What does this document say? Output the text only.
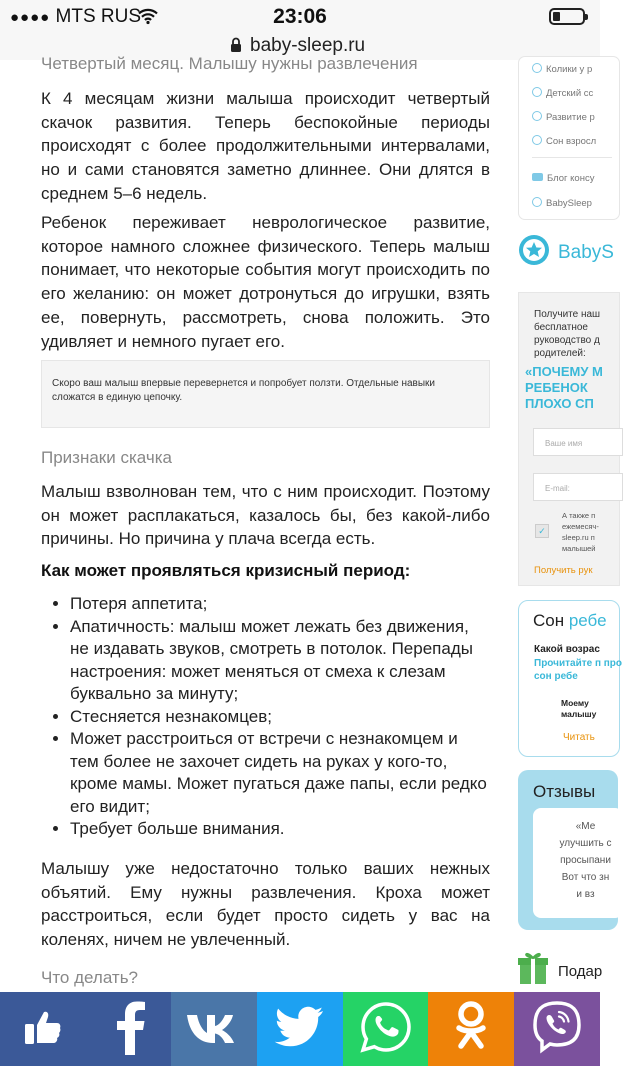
●●●● MTS RUS	23:06
baby-sleep.ru
Четвертый месяц. Малышу нужны развлечения

К 4 месяцам жизни малыша происходит четвертый скачок развития. Теперь беспокойные периоды происходят с более продолжительными интервалами, но и сами становятся заметно длиннее. Они длятся в среднем 5–6 недель.

Ребенок переживает неврологическое развитие, которое намного сложнее физического. Теперь малыш понимает, что некоторые события могут происходить по его желанию: он может дотронуться до игрушки, взять ее, повернуть, рассмотреть, снова положить. Это удивляет и немного пугает его.

Скоро ваш малыш впервые перевернется и попробует ползти. Отдельные навыки сложатся в единую цепочку.
Признаки скачка

Малыш взволнован тем, что с ним происходит. Поэтому он может расплакаться, казалось бы, без какой-либо причины. Но причина у плача всегда есть.

Как может проявляться кризисный период:
• Потеря аппетита;
• Апатичность: малыш может лежать без движения, не издавать звуков, смотреть в потолок. Перепады настроения: может меняться от смеха к слезам буквально за минуту;
• Стесняется незнакомцев;
• Может расстроиться от встречи с незнакомцем и тем более не захочет сидеть на руках у кого-то, кроме мамы. Может пугаться даже папы, если редко его видит;
• Требует больше внимания.

Малышу уже недостаточно только ваших нежных объятий. Ему нужны развлечения. Кроха может расстроиться, если будет просто сидеть у вас на коленях, ничем не увлеченный.

Что делать?
Колики у р
Детский сс
Развитие р
Сон взросл
Блог консу
BabySleep
BabyS
Получите наш бесплатное руководство д родителей:
«ПОЧЕМУ М РЕБЕНОК ПЛОХО СП
Ваше имя
E-mail:
✓
А также п ежемесяч- sleep.ru п малышей
Получить рук
Сон ребе
Какой возрас
Прочитайте п про сон ребе
Моему малышу
Читать
Отзывы
«Ме
улучшить с
просыпани
Вот что зн
и вз
Подар
